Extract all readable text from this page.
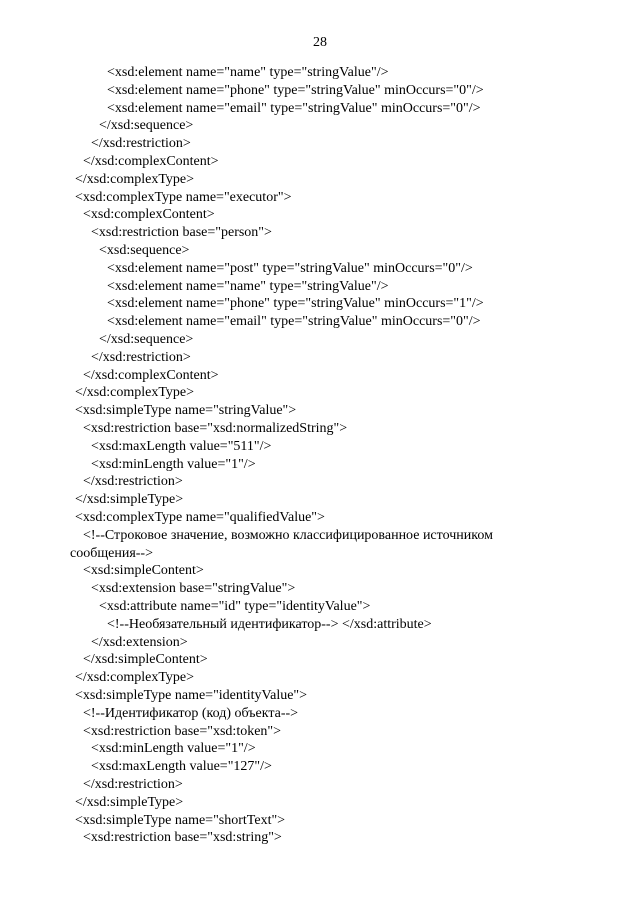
28
<xsd:element name="name" type="stringValue"/>
<xsd:element name="phone" type="stringValue" minOccurs="0"/>
<xsd:element name="email" type="stringValue" minOccurs="0"/>
</xsd:sequence>
</xsd:restriction>
</xsd:complexContent>
</xsd:complexType>
<xsd:complexType name="executor">
<xsd:complexContent>
<xsd:restriction base="person">
<xsd:sequence>
<xsd:element name="post" type="stringValue" minOccurs="0"/>
<xsd:element name="name" type="stringValue"/>
<xsd:element name="phone" type="stringValue" minOccurs="1"/>
<xsd:element name="email" type="stringValue" minOccurs="0"/>
</xsd:sequence>
</xsd:restriction>
</xsd:complexContent>
</xsd:complexType>
<xsd:simpleType name="stringValue">
<xsd:restriction base="xsd:normalizedString">
<xsd:maxLength value="511"/>
<xsd:minLength value="1"/>
</xsd:restriction>
</xsd:simpleType>
<xsd:complexType name="qualifiedValue">
<!--Строковое значение, возможно классифицированное источником
сообщения-->
<xsd:simpleContent>
<xsd:extension base="stringValue">
<xsd:attribute name="id" type="identityValue">
<!--Необязательный идентификатор--> </xsd:attribute>
</xsd:extension>
</xsd:simpleContent>
</xsd:complexType>
<xsd:simpleType name="identityValue">
<!--Идентификатор (код) объекта-->
<xsd:restriction base="xsd:token">
<xsd:minLength value="1"/>
<xsd:maxLength value="127"/>
</xsd:restriction>
</xsd:simpleType>
<xsd:simpleType name="shortText">
<xsd:restriction base="xsd:string">
